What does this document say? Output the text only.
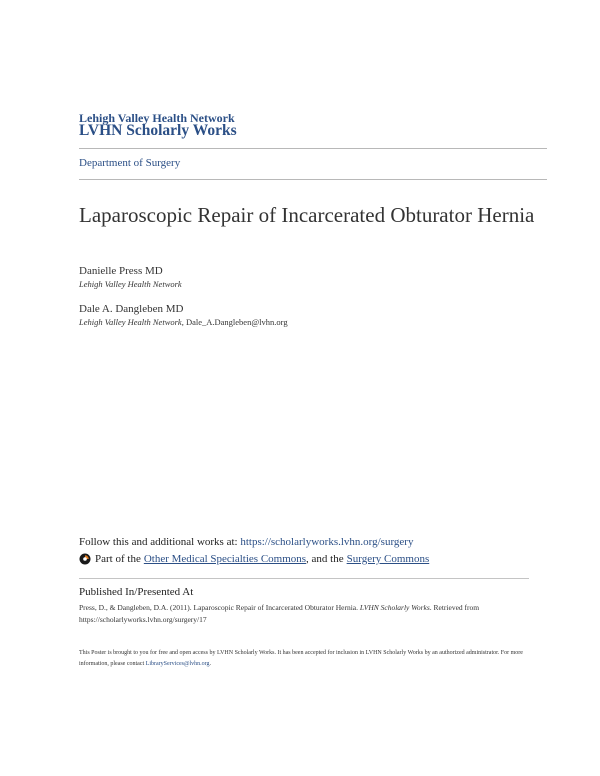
Lehigh Valley Health Network
LVHN Scholarly Works
Department of Surgery
Laparoscopic Repair of Incarcerated Obturator Hernia
Danielle Press MD
Lehigh Valley Health Network
Dale A. Dangleben MD
Lehigh Valley Health Network, Dale_A.Dangleben@lvhn.org
Follow this and additional works at: https://scholarlyworks.lvhn.org/surgery
Part of the Other Medical Specialties Commons , and the Surgery Commons
Published In/Presented At
Press, D., & Dangleben, D.A. (2011). Laparoscopic Repair of Incarcerated Obturator Hernia. LVHN Scholarly Works. Retrieved from
https://scholarlyworks.lvhn.org/surgery/17
This Poster is brought to you for free and open access by LVHN Scholarly Works. It has been accepted for inclusion in LVHN Scholarly Works by an authorized administrator. For more information, please contact LibraryServices@lvhn.org.
